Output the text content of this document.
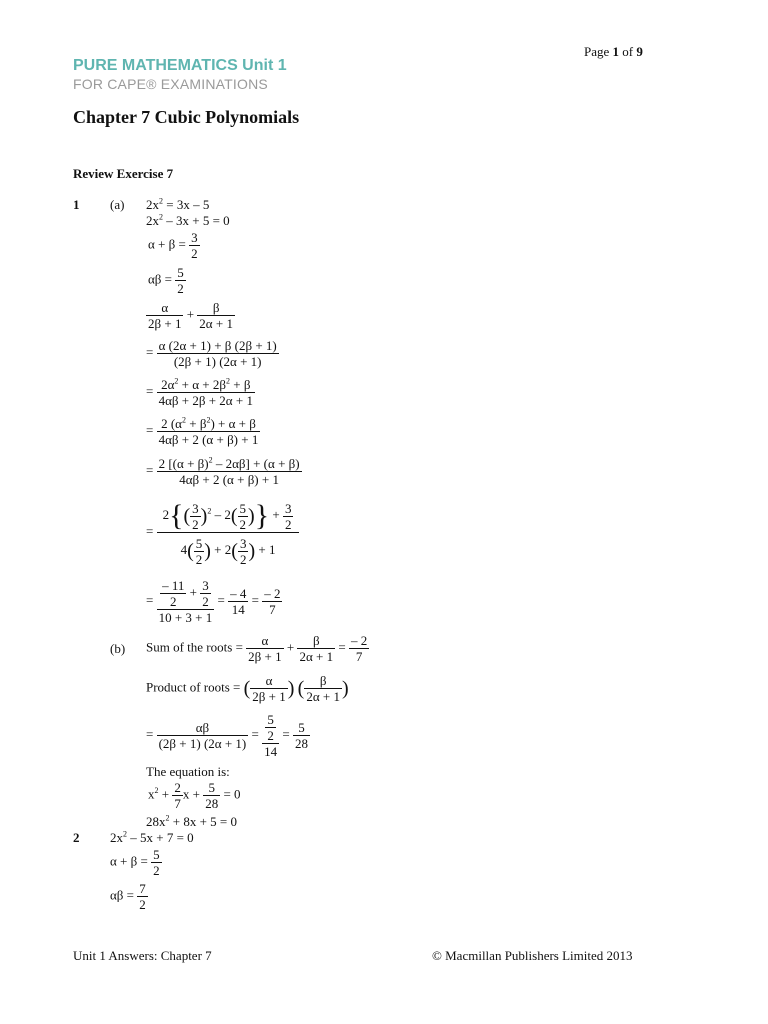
Page 1 of 9
PURE MATHEMATICS Unit 1
FOR CAPE® EXAMINATIONS
Chapter 7 Cubic Polynomials
Review Exercise 7
1 (a) $2x^2 = 3x - 5$
$2x^2 - 3x + 5 = 0$
$\alpha + \beta = \frac{3}{2}$
$\alpha\beta = \frac{5}{2}$
$\frac{\alpha}{2\beta + 1} + \frac{\beta}{2\alpha + 1}$
= $\frac{\alpha (2\alpha + 1) + \beta (2\beta + 1)}{(2\beta + 1) (2\alpha + 1)}$
= $\frac{2\alpha^2 + \alpha + 2\beta^2 + \beta}{4\alpha\beta + 2\beta + 2\alpha + 1}$
= $\frac{2 (\alpha^2 + \beta^2) + \alpha + \beta}{4\alpha\beta + 2 (\alpha + \beta) + 1}$
= $\frac{2 [(\alpha + \beta)^2 - 2\alpha\beta] + (\alpha + \beta)}{4\alpha\beta + 2 (\alpha + \beta) + 1}$
= $\frac{2\{( \frac{3}{2} )^2 - 2( \frac{5}{2} )\} + \frac{3}{2}}{4( \frac{5}{2} ) + 2( \frac{3}{2} ) + 1}$
= $\frac{\frac{- 11}{2} + \frac{3}{2}}{10 + 3 + 1} = \frac{- 4}{14} = \frac{- 2}{7}$
(b) Sum of the roots = $\frac{\alpha}{2\beta + 1} + \frac{\beta}{2\alpha + 1} = \frac{- 2}{7}$
Product of roots = ( $\frac{\alpha}{2\beta + 1}$ ) ( $\frac{\beta}{2\alpha + 1}$ )
= $\frac{\alpha\beta}{(2\beta + 1) (2\alpha + 1)} = \frac{\frac{5}{2}}{14} = \frac{5}{28}$
The equation is:
$x^2 + \frac{2}{7}$ $x + \frac{5}{28} = 0$
$28x^2 + 8x + 5 = 0$
2 $2x^2 - 5x + 7 = 0$
$\alpha + \beta = \frac{5}{2}$
$\alpha\beta = \frac{7}{2}$
Unit 1 Answers: Chapter 7	© Macmillan Publishers Limited 2013
